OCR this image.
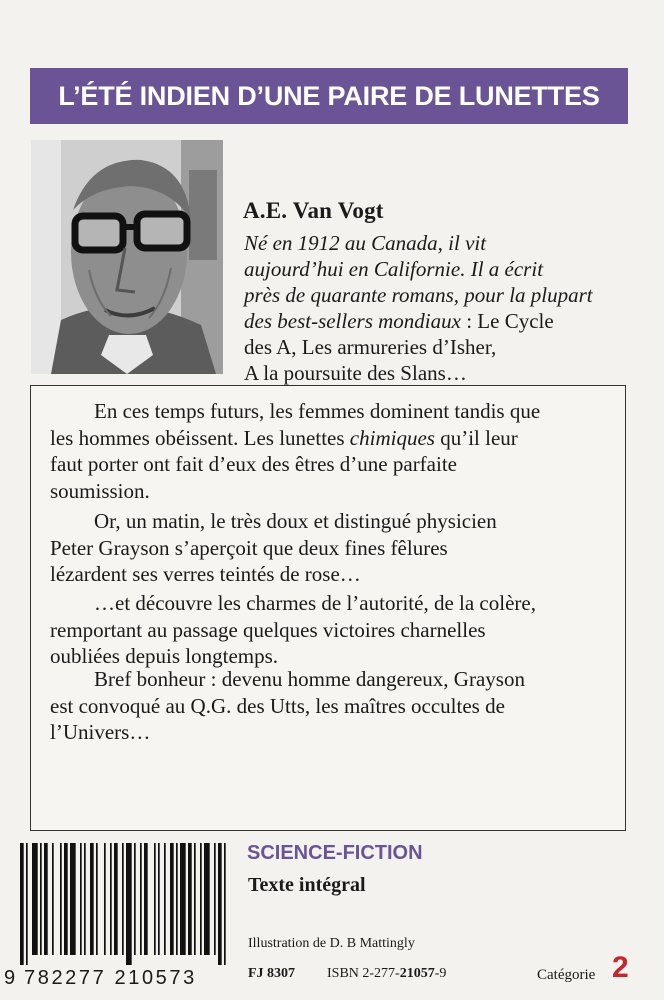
L’ÉTÉ INDIEN D’UNE PAIRE DE LUNETTES
A.E. Van Vogt
Né en 1912 au Canada, il vit
aujourd’hui en Californie. Il a écrit
près de quarante romans, pour la plupart
des best-sellers mondiaux : Le Cycle
des A, Les armureries d’Isher,
A la poursuite des Slans…
En ces temps futurs, les femmes dominent tandis que
les hommes obéissent. Les lunettes chimiques qu’il leur
faut porter ont fait d’eux des êtres d’une parfaite
soumission.
Or, un matin, le très doux et distingué physicien
Peter Grayson s’aperçoit que deux fines fêlures
lézardent ses verres teintés de rose…
…et découvre les charmes de l’autorité, de la colère,
remportant au passage quelques victoires charnelles
oubliées depuis longtemps.
Bref bonheur : devenu homme dangereux, Grayson
est convoqué au Q.G. des Utts, les maîtres occultes de
l’Univers…
9 782277 210573
SCIENCE-FICTION
Texte intégral
Illustration de D. B Mattingly
FJ 8307 ISBN 2-277-21057-9	Catégorie 2
